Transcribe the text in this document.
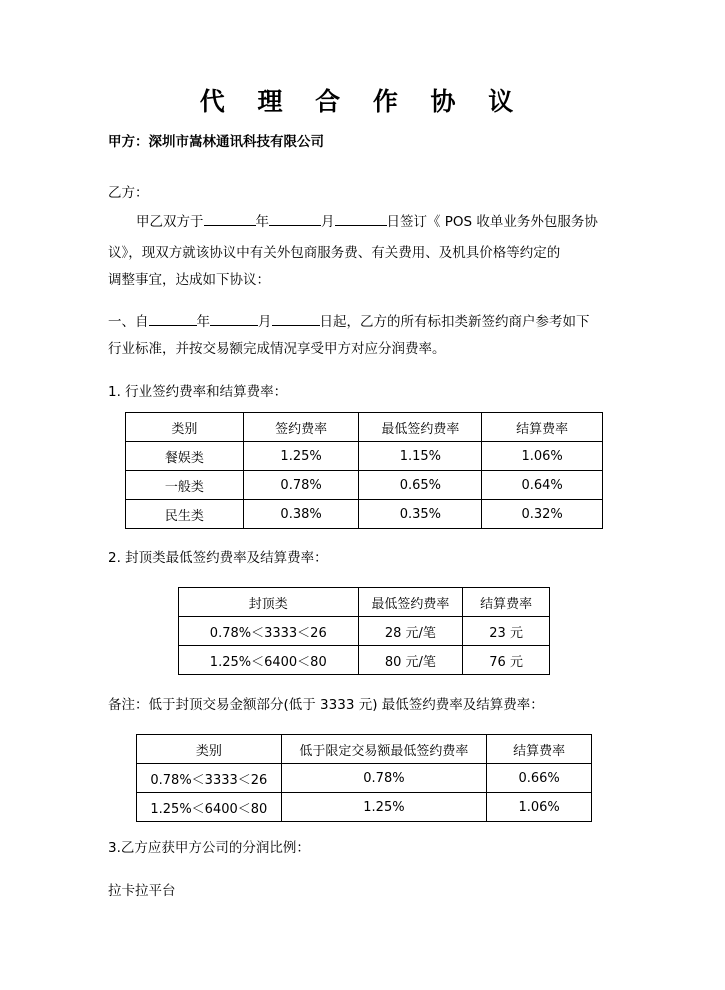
代 理 合 作 协 议
甲方：深圳市嵩林通讯科技有限公司
乙方：
甲乙双方于	年	月	日签订《 POS 收单业务外包服务协
议》，现双方就该协议中有关外包商服务费、有关费用、及机具价格等约定的
调整事宜，达成如下协议：
一、自	年	月	日起，乙方的所有标扣类新签约商户参考如下
行业标准，并按交易额完成情况享受甲方对应分润费率。
1. 行业签约费率和结算费率：
类别	签约费率	最低签约费率	结算费率
餐娱类	1.25%	1.15%	1.06%
一般类	0.78%	0.65%	0.64%
民生类	0.38%	0.35%	0.32%
2. 封顶类最低签约费率及结算费率：
封顶类	最低签约费率	结算费率
0.78%＜3333＜26	28 元/笔	23 元
1.25%＜6400＜80	80 元/笔	76 元
备注：低于封顶交易金额部分(低于 3333 元) 最低签约费率及结算费率：
类别	低于限定交易额最低签约费率	结算费率
0.78%＜3333＜26	0.78%	0.66%
1.25%＜6400＜80	1.25%	1.06%
3.乙方应获甲方公司的分润比例：
拉卡拉平台
